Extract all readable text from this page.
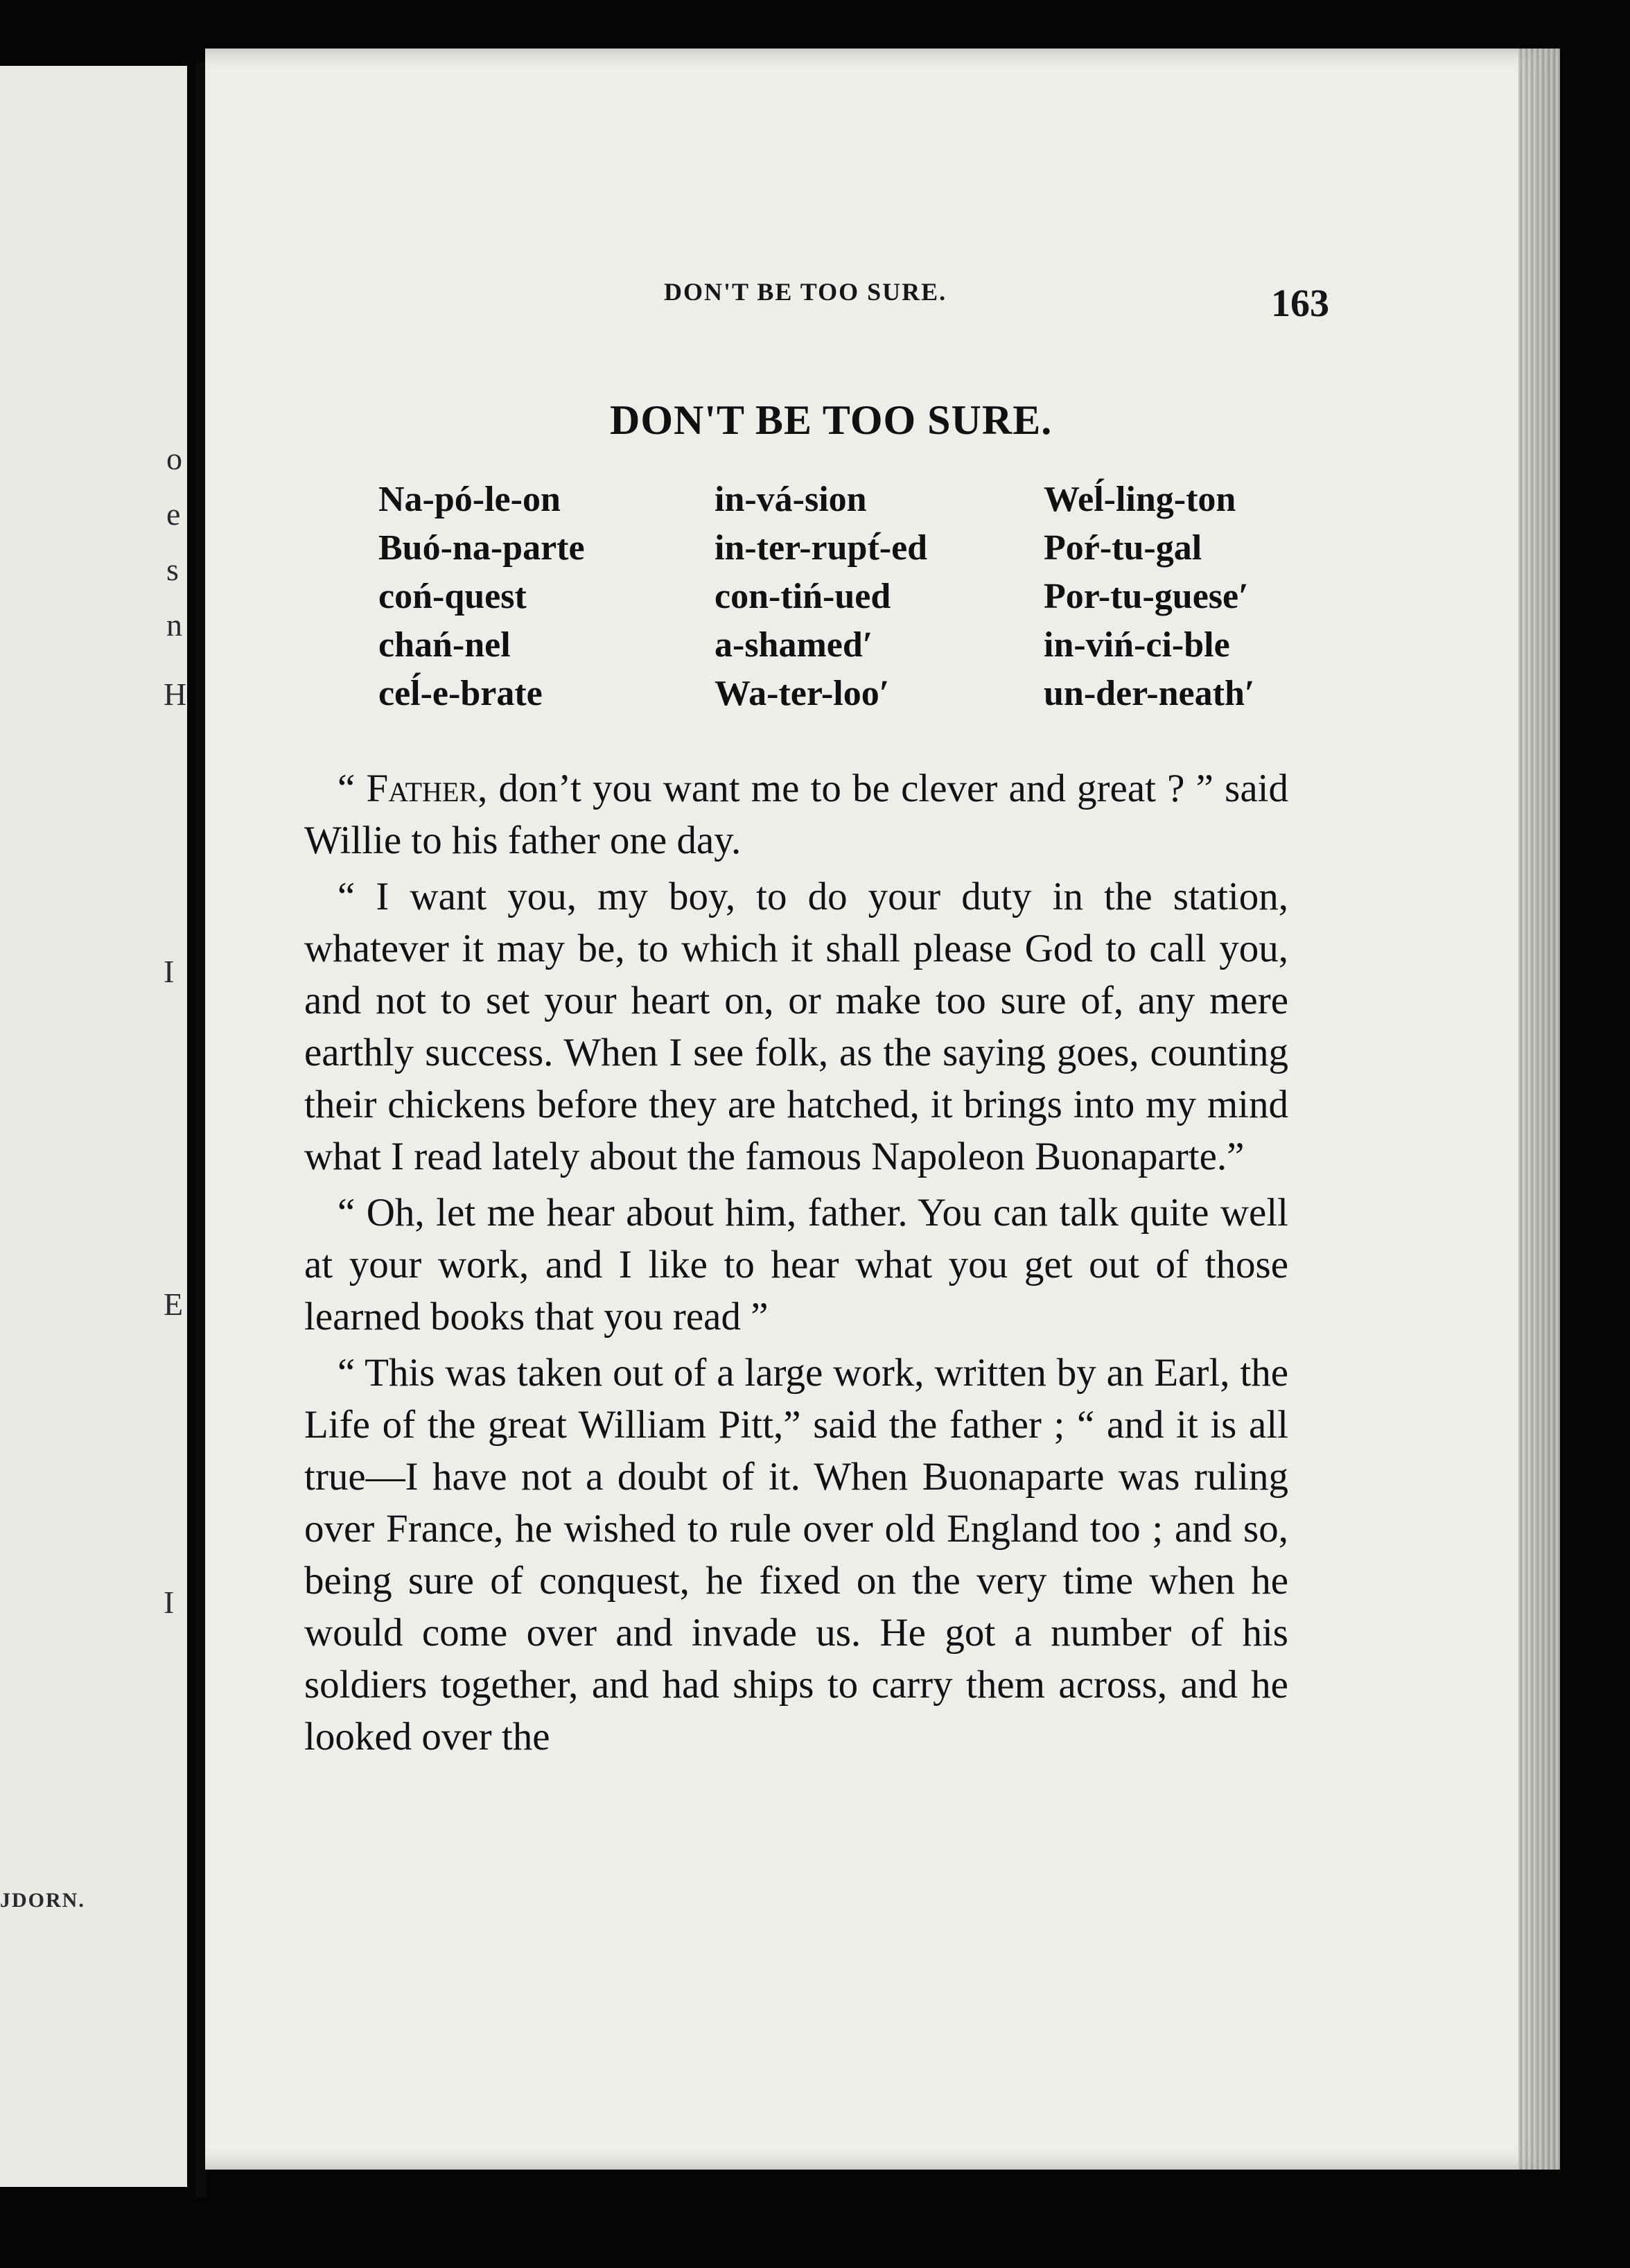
o
e
s
n
H
I
E
I
JDORN.
DON'T BE TOO SURE.	163
DON'T BE TOO SURE.
Na-pó-le-on
Buó-na-parte
coń-quest
chań-nel
ceĺ-e-brate
in-vá-sion
in-ter-rupt́-ed
con-tiń-ued
a-shamed′
Wa-ter-loo′
Weĺ-ling-ton
Poŕ-tu-gal
Por-tu-guese′
in-viń-ci-ble
un-der-neath′

“ Father, don’t you want me to be clever and great ? ” said Willie to his father one day.

“ I want you, my boy, to do your duty in the station, whatever it may be, to which it shall please God to call you, and not to set your heart on, or make too sure of, any mere earthly success. When I see folk, as the saying goes, counting their chickens before they are hatched, it brings into my mind what I read lately about the famous Napoleon Buonaparte.”

“ Oh, let me hear about him, father. You can talk quite well at your work, and I like to hear what you get out of those learned books that you read ”

“ This was taken out of a large work, written by an Earl, the Life of the great William Pitt,” said the father ; “ and it is all true—I have not a doubt of it. When Buonaparte was ruling over France, he wished to rule over old England too ; and so, being sure of conquest, he fixed on the very time when he would come over and invade us. He got a number of his soldiers together, and had ships to carry them across, and he looked over the
